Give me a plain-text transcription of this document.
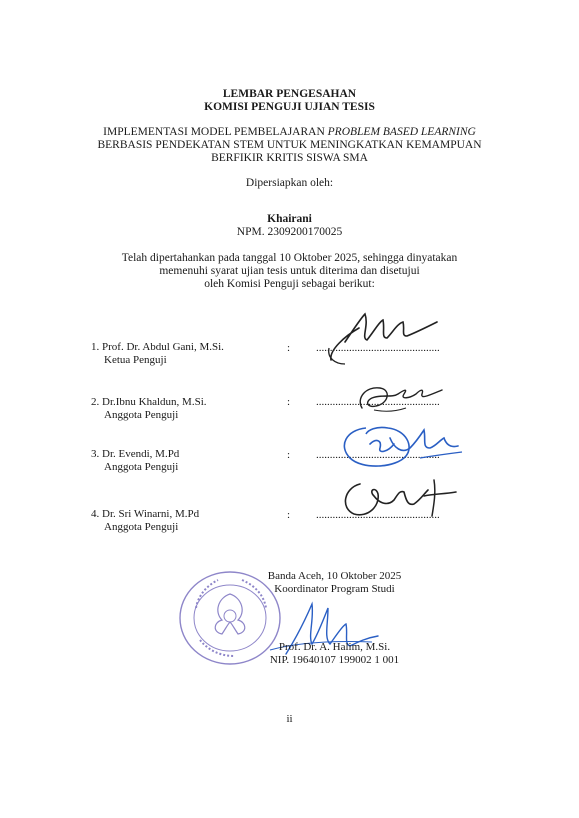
LEMBAR PENGESAHAN
KOMISI PENGUJI UJIAN TESIS
IMPLEMENTASI MODEL PEMBELAJARAN PROBLEM BASED LEARNING
BERBASIS PENDEKATAN STEM UNTUK MENINGKATKAN KEMAMPUAN
BERFIKIR KRITIS SISWA SMA
Dipersiapkan oleh:
Khairani
NPM. 2309200170025
Telah dipertahankan pada tanggal 10 Oktober 2025, sehingga dinyatakan
memenuhi syarat ujian tesis untuk diterima dan disetujui
oleh Komisi Penguji sebagai berikut:
1. Prof. Dr. Abdul Gani, M.Si.
Ketua Penguji
: .............................................
2. Dr.Ibnu Khaldun, M.Si.
Anggota Penguji
: .............................................
3. Dr. Evendi, M.Pd
Anggota Penguji
: .............................................
4. Dr. Sri Winarni, M.Pd
Anggota Penguji
: .............................................
Banda Aceh, 10 Oktober 2025
Koordinator Program Studi
Prof. Dr. A. Halim, M.Si.
NIP. 19640107 199002 1 001
ii
